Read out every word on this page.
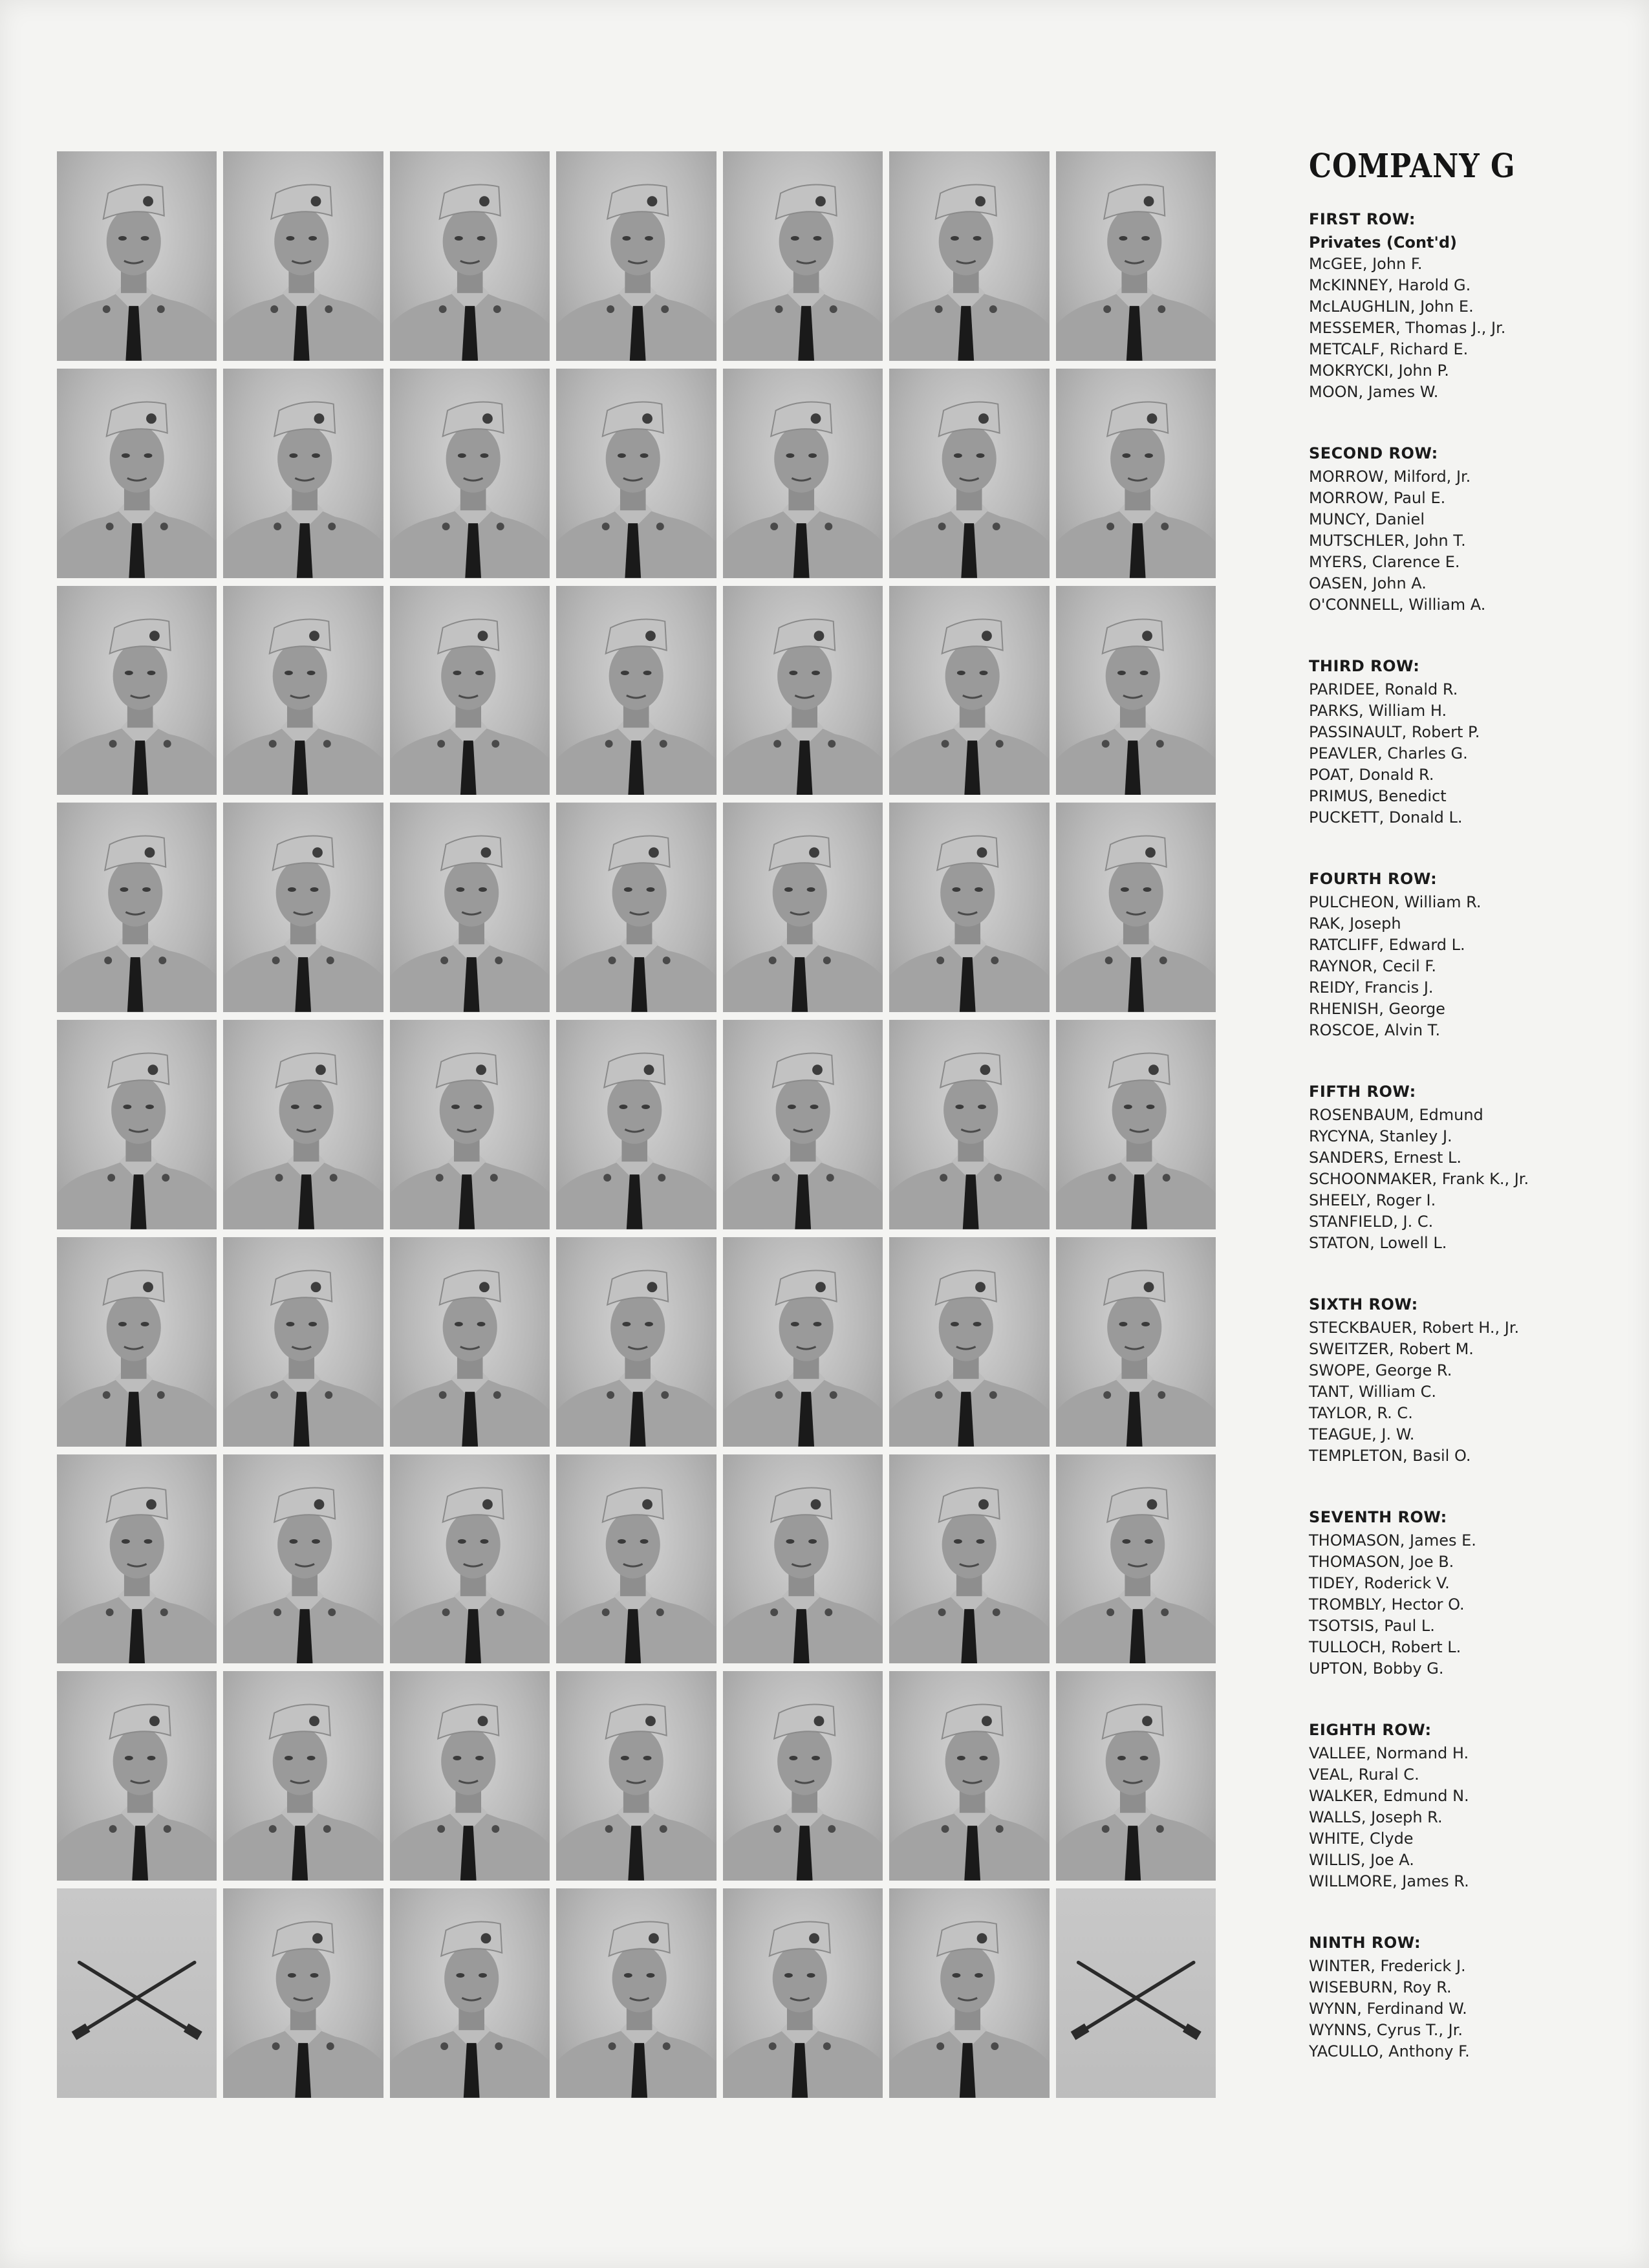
COMPANY G
FIRST ROW:
Privates (Cont'd)
McGEE, John F.
McKINNEY, Harold G.
McLAUGHLIN, John E.
MESSEMER, Thomas J., Jr.
METCALF, Richard E.
MOKRYCKI, John P.
MOON, James W.
SECOND ROW:
MORROW, Milford, Jr.
MORROW, Paul E.
MUNCY, Daniel
MUTSCHLER, John T.
MYERS, Clarence E.
OASEN, John A.
O'CONNELL, William A.
THIRD ROW:
PARIDEE, Ronald R.
PARKS, William H.
PASSINAULT, Robert P.
PEAVLER, Charles G.
POAT, Donald R.
PRIMUS, Benedict
PUCKETT, Donald L.
FOURTH ROW:
PULCHEON, William R.
RAK, Joseph
RATCLIFF, Edward L.
RAYNOR, Cecil F.
REIDY, Francis J.
RHENISH, George
ROSCOE, Alvin T.
FIFTH ROW:
ROSENBAUM, Edmund
RYCYNA, Stanley J.
SANDERS, Ernest L.
SCHOONMAKER, Frank K., Jr.
SHEELY, Roger I.
STANFIELD, J. C.
STATON, Lowell L.
SIXTH ROW:
STECKBAUER, Robert H., Jr.
SWEITZER, Robert M.
SWOPE, George R.
TANT, William C.
TAYLOR, R. C.
TEAGUE, J. W.
TEMPLETON, Basil O.
SEVENTH ROW:
THOMASON, James E.
THOMASON, Joe B.
TIDEY, Roderick V.
TROMBLY, Hector O.
TSOTSIS, Paul L.
TULLOCH, Robert L.
UPTON, Bobby G.
EIGHTH ROW:
VALLEE, Normand H.
VEAL, Rural C.
WALKER, Edmund N.
WALLS, Joseph R.
WHITE, Clyde
WILLIS, Joe A.
WILLMORE, James R.
NINTH ROW:
WINTER, Frederick J.
WISEBURN, Roy R.
WYNN, Ferdinand W.
WYNNS, Cyrus T., Jr.
YACULLO, Anthony F.
